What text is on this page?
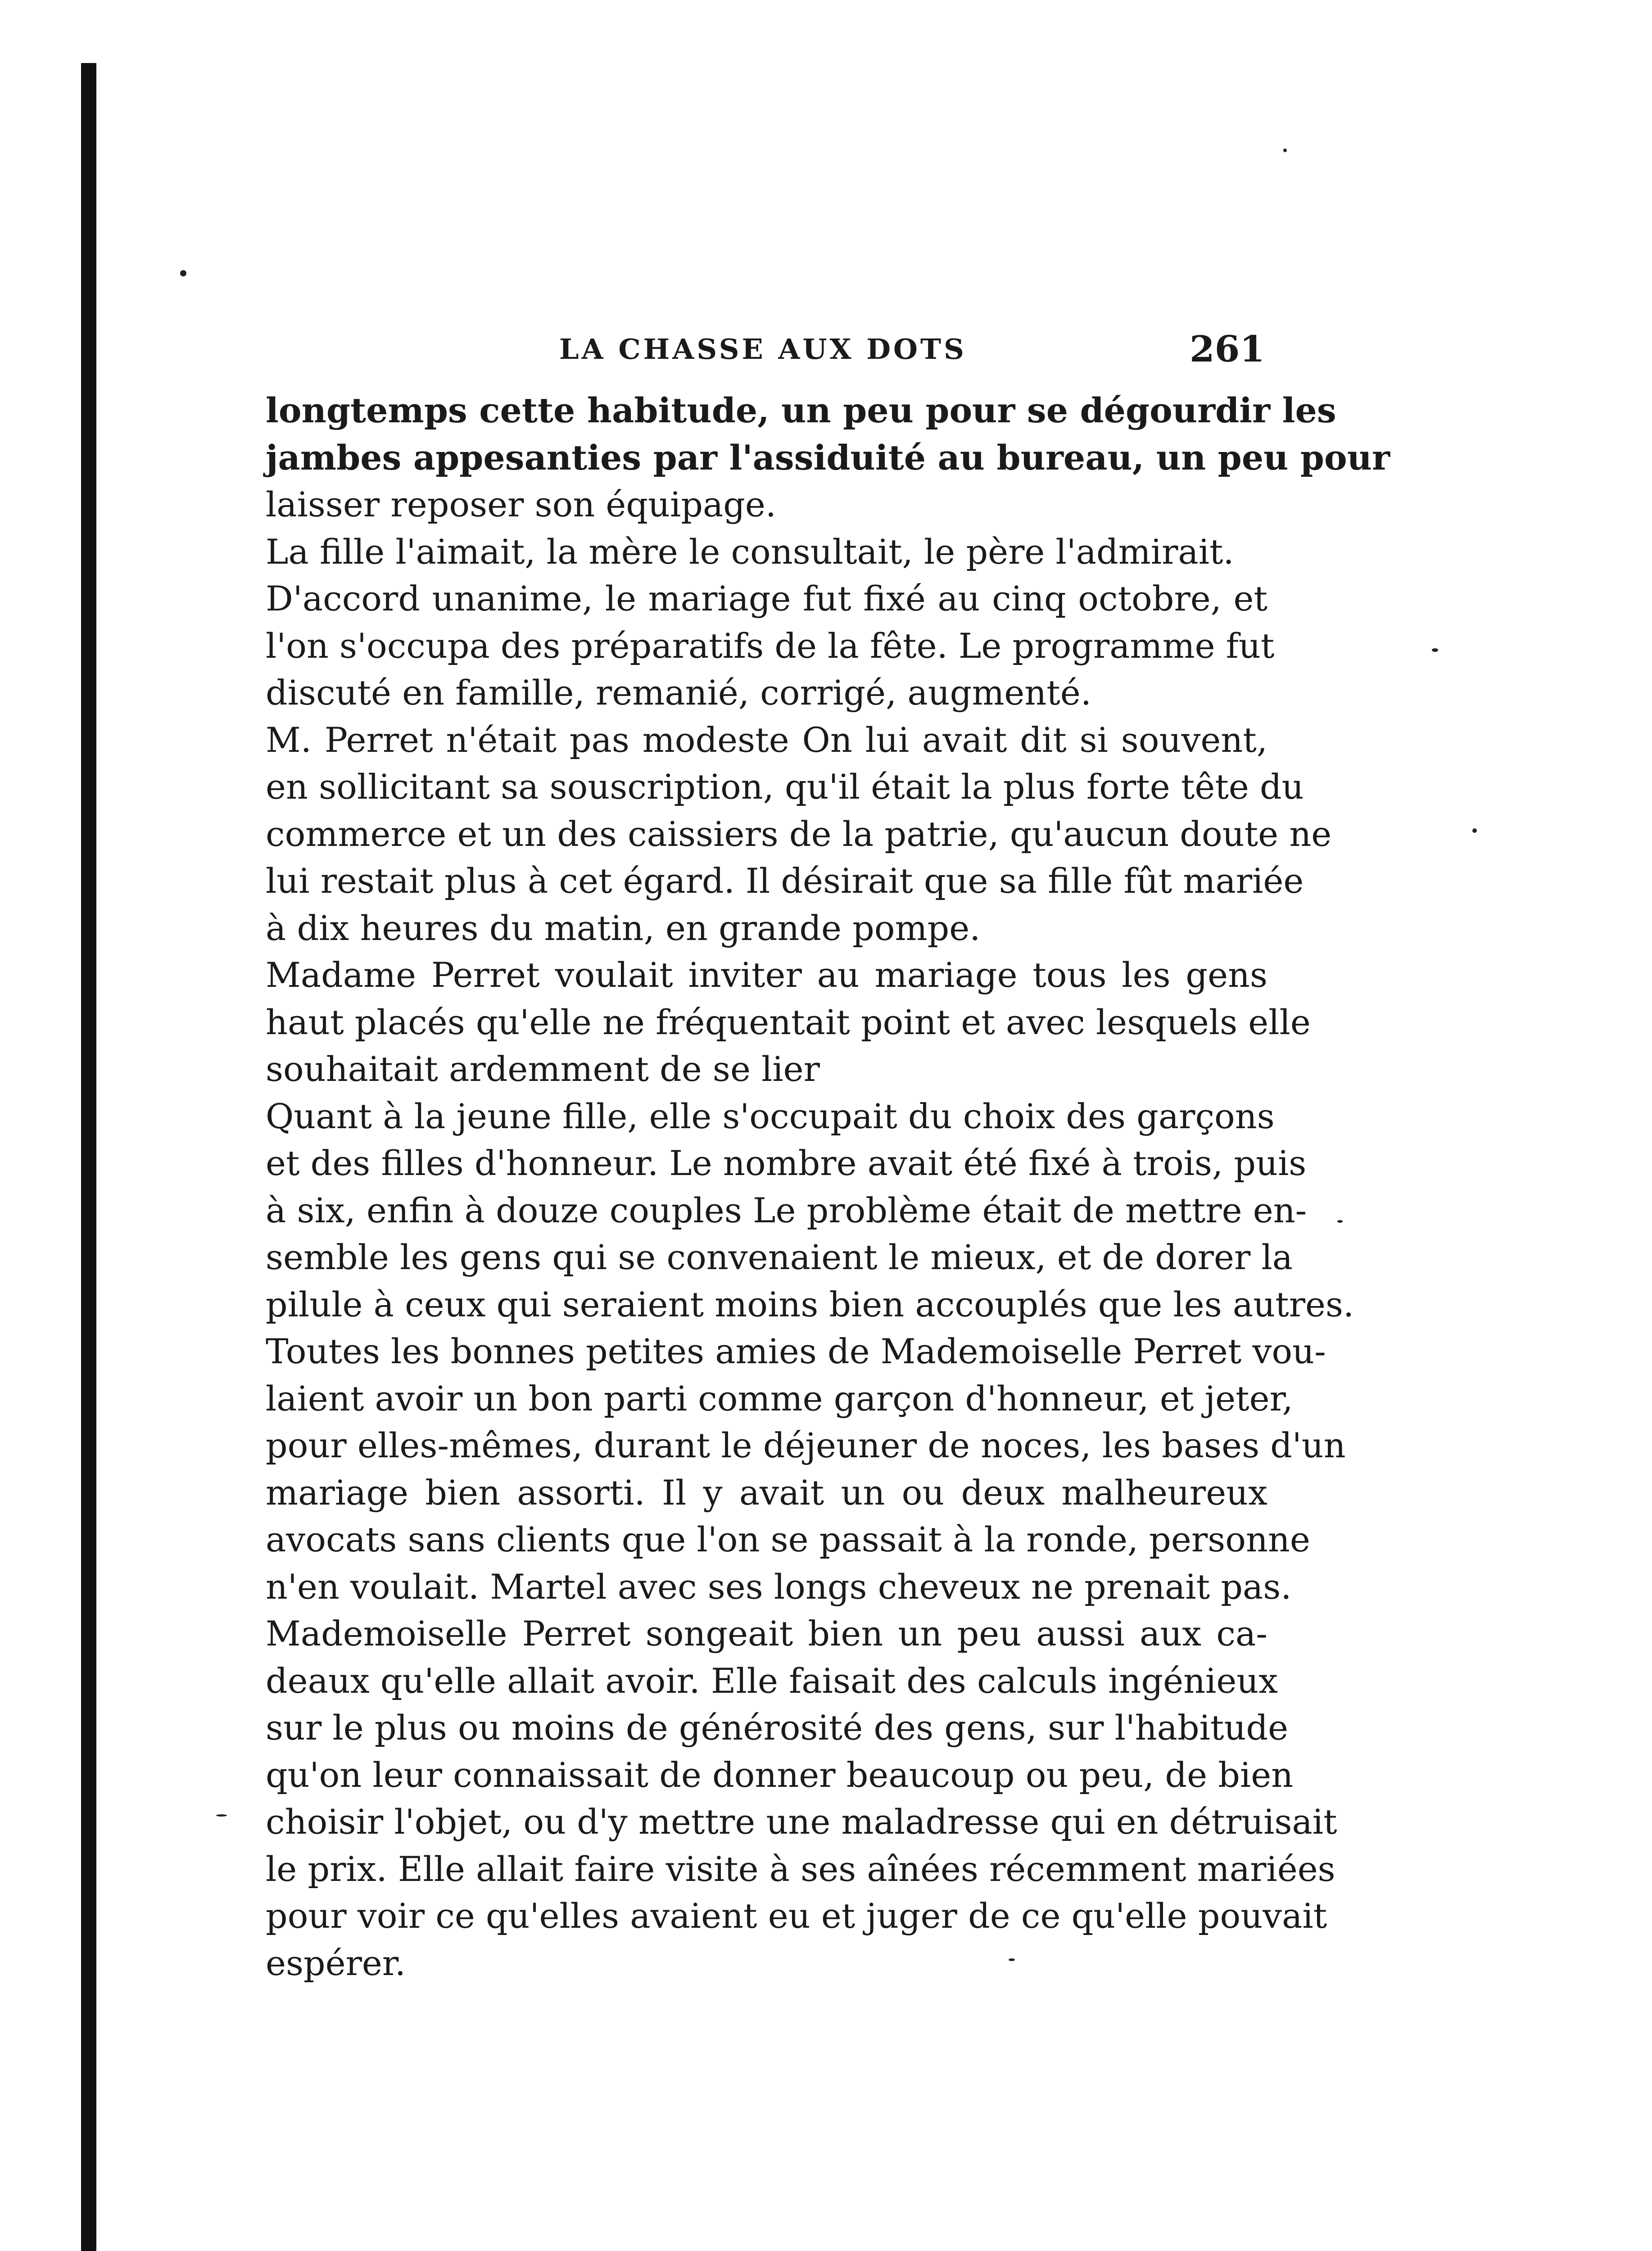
LA CHASSE AUX DOTS	261
longtemps cette habitude, un peu pour se dégourdir les
jambes appesanties par l'assiduité au bureau, un peu pour
laisser reposer son équipage.
La fille l'aimait, la mère le consultait, le père l'admirait.
D'accord unanime, le mariage fut fixé au cinq octobre, et
l'on s'occupa des préparatifs de la fête. Le programme fut
discuté en famille, remanié, corrigé, augmenté.
M. Perret n'était pas modeste On lui avait dit si souvent,
en sollicitant sa souscription, qu'il était la plus forte tête du
commerce et un des caissiers de la patrie, qu'aucun doute ne
lui restait plus à cet égard. Il désirait que sa fille fût mariée
à dix heures du matin, en grande pompe.
Madame Perret voulait inviter au mariage tous les gens
haut placés qu'elle ne fréquentait point et avec lesquels elle
souhaitait ardemment de se lier
Quant à la jeune fille, elle s'occupait du choix des garçons
et des filles d'honneur. Le nombre avait été fixé à trois, puis
à six, enfin à douze couples Le problème était de mettre en-
semble les gens qui se convenaient le mieux, et de dorer la
pilule à ceux qui seraient moins bien accouplés que les autres.
Toutes les bonnes petites amies de Mademoiselle Perret vou-
laient avoir un bon parti comme garçon d'honneur, et jeter,
pour elles-mêmes, durant le déjeuner de noces, les bases d'un
mariage bien assorti. Il y avait un ou deux malheureux
avocats sans clients que l'on se passait à la ronde, personne
n'en voulait. Martel avec ses longs cheveux ne prenait pas.
Mademoiselle Perret songeait bien un peu aussi aux ca-
deaux qu'elle allait avoir. Elle faisait des calculs ingénieux
sur le plus ou moins de générosité des gens, sur l'habitude
qu'on leur connaissait de donner beaucoup ou peu, de bien
choisir l'objet, ou d'y mettre une maladresse qui en détruisait
le prix. Elle allait faire visite à ses aînées récemment mariées
pour voir ce qu'elles avaient eu et juger de ce qu'elle pouvait
espérer.
